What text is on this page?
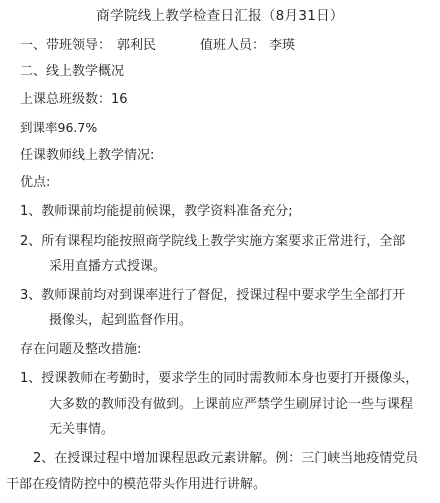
商学院线上教学检查日汇报（8月31日）
一、带班领导： 郭利民	值班人员： 李瑛
二、线上教学概况
上课总班级数：16
到课率96.7%
任课教师线上教学情况:
优点:
1、教师课前均能提前候课，教学资料准备充分;
2、所有课程均能按照商学院线上教学实施方案要求正常进行，全部
采用直播方式授课。
3、教师课前均对到课率进行了督促，授课过程中要求学生全部打开
摄像头，起到监督作用。
存在问题及整改措施:
1、授课教师在考勤时，要求学生的同时需教师本身也要打开摄像头，
大多数的教师没有做到。上课前应严禁学生刷屏讨论一些与课程
无关事情。
2、在授课过程中增加课程思政元素讲解。例：三门峡当地疫情党员
干部在疫情防控中的模范带头作用进行讲解。
